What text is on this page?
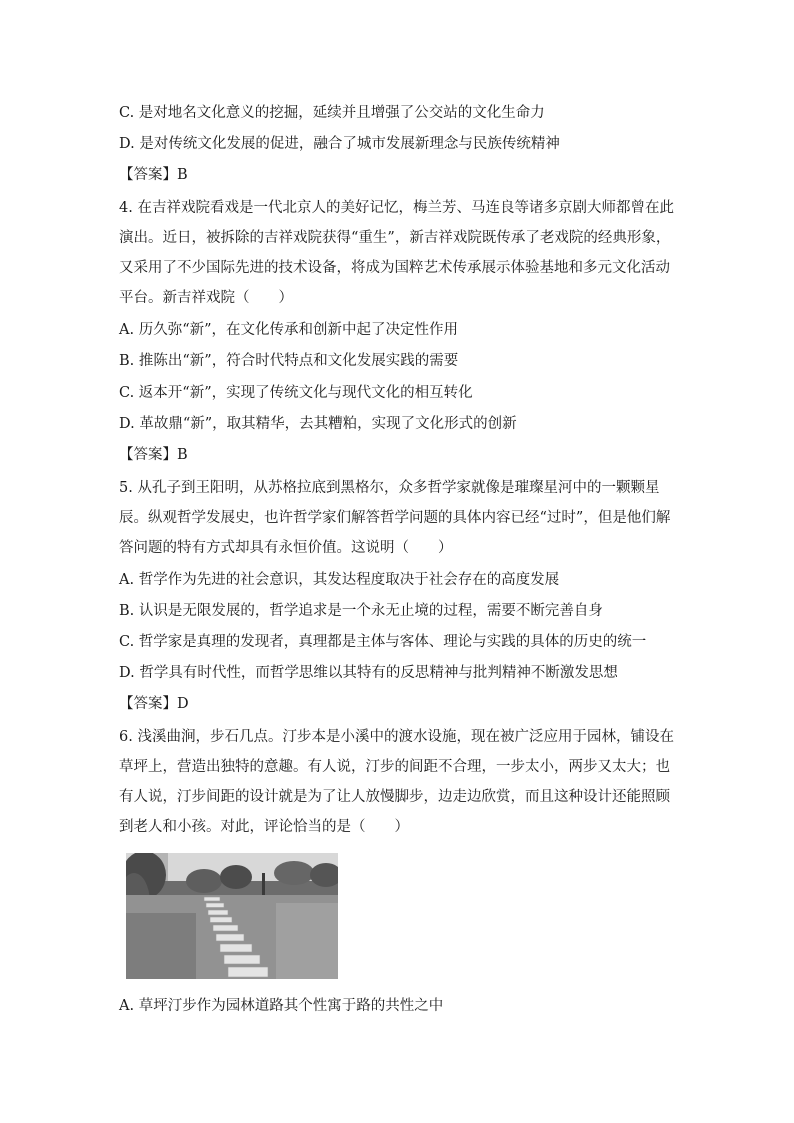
C. 是对地名文化意义的挖掘，延续并且增强了公交站的文化生命力
D. 是对传统文化发展的促进，融合了城市发展新理念与民族传统精神
【答案】B
4. 在吉祥戏院看戏是一代北京人的美好记忆，梅兰芳、马连良等诸多京剧大师都曾在此演出。近日，被拆除的吉祥戏院获得“重生”，新吉祥戏院既传承了老戏院的经典形象，又采用了不少国际先进的技术设备，将成为国粹艺术传承展示体验基地和多元文化活动平台。新吉祥戏院（　　）
A. 历久弥“新”，在文化传承和创新中起了决定性作用
B. 推陈出“新”，符合时代特点和文化发展实践的需要
C. 返本开“新”，实现了传统文化与现代文化的相互转化
D. 革故鼎“新”，取其精华，去其糟粕，实现了文化形式的创新
【答案】B
5. 从孔子到王阳明，从苏格拉底到黑格尔，众多哲学家就像是璀璨星河中的一颗颗星辰。纵观哲学发展史，也许哲学家们解答哲学问题的具体内容已经“过时”，但是他们解答问题的特有方式却具有永恒价值。这说明（　　）
A. 哲学作为先进的社会意识，其发达程度取决于社会存在的高度发展
B. 认识是无限发展的，哲学追求是一个永无止境的过程，需要不断完善自身
C. 哲学家是真理的发现者，真理都是主体与客体、理论与实践的具体的历史的统一
D. 哲学具有时代性，而哲学思维以其特有的反思精神与批判精神不断激发思想
【答案】D
6. 浅溪曲涧，步石几点。汀步本是小溪中的渡水设施，现在被广泛应用于园林，铺设在草坪上，营造出独特的意趣。有人说，汀步的间距不合理，一步太小，两步又太大；也有人说，汀步间距的设计就是为了让人放慢脚步，边走边欣赏，而且这种设计还能照顾到老人和小孩。对此，评论恰当的是（　　）
A. 草坪汀步作为园林道路其个性寓于路的共性之中
